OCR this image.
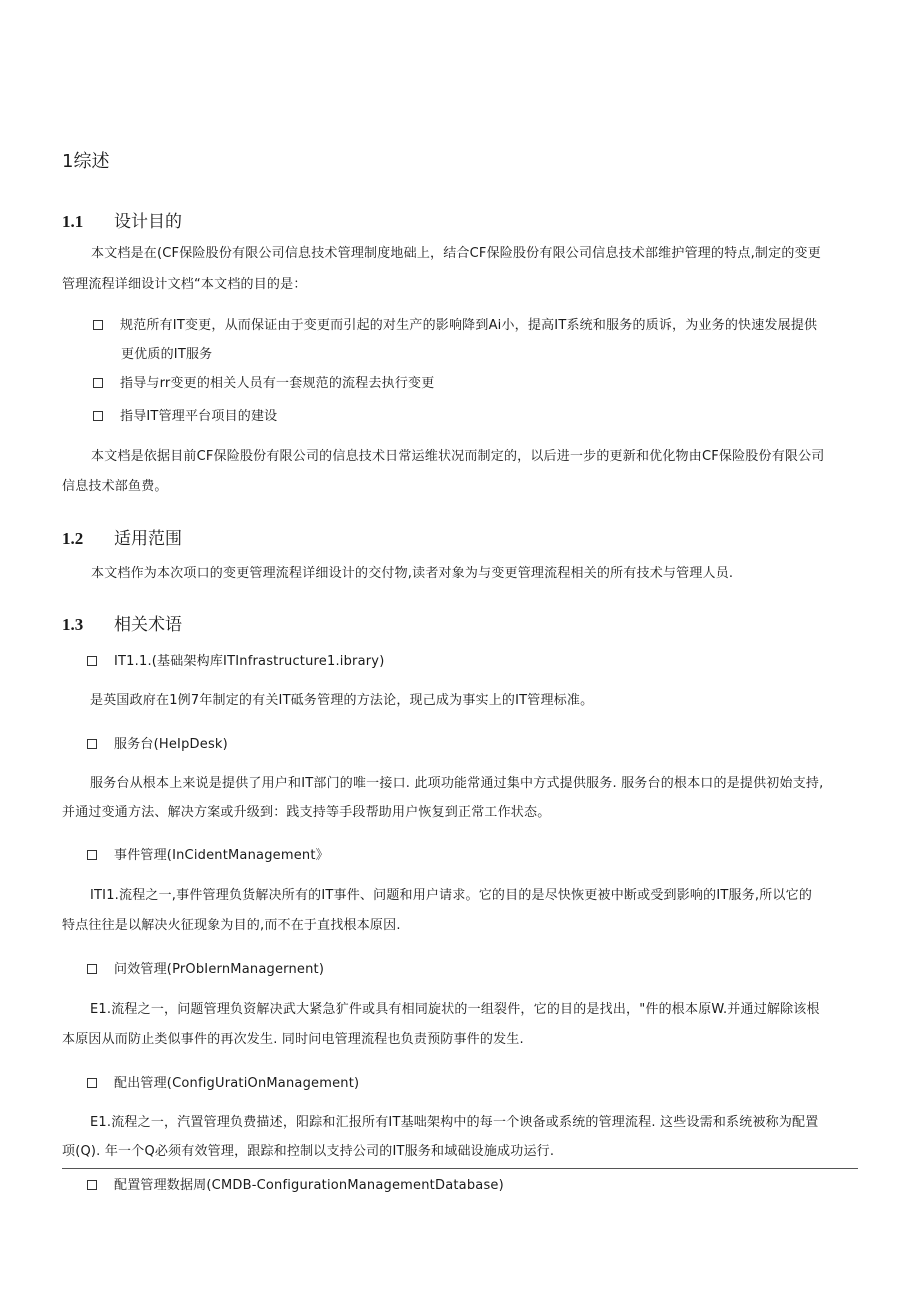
1综述
1.1 设计目的
本文档是在(CF保险股份有限公司信息技术管理制度地础上，结合CF保险股份有限公司信息技术部维护管理的特点,制定的变更
管理流程详细设计文档“本文档的目的是：
规范所有IT变更，从而保证由于变更而引起的对生产的影响降到Ai小，提高IT系统和服务的质诉，为业务的快速发展提供
更优质的IT服务
指导与rr变更的相关人员有一套规范的流程去执行变更
指导IT管理平台项目的建设
本文档是依据目前CF保险股份有限公司的信息技术日常运维状况而制定的，以后进一步的更新和优化物由CF保险股份有限公司
信息技术部鱼费。
1.2 适用范围
本文档作为本次项口的变更管理流程详细设计的交付物,读者对象为与变更管理流程相关的所有技术与管理人员.
1.3 相关术语
IT1.1.(基础架构库ITInfrastructure1.ibrary)
是英国政府在1例7年制定的有关IT砥务管理的方法论，现己成为事实上的IT管理标准。
服务台(HeIpDesk)
服务台从根本上来说是提供了用户和IT部门的唯一接口. 此项功能常通过集中方式提供服务. 服务台的根本口的是提供初始支持,
并通过变通方法、解决方案或升级到：践支持等手段帮助用户恢复到正常工作状态。
事件管理(InCidentManagement》
ITI1.流程之一,事件管理负货解决所有的IT事件、问题和用户请求。它的目的是尽快恢更被中断或受到影响的IT服务,所以它的
特点往往是以解决火征现象为目的,而不在于直找根本原因.
问效管理(PrObIernManagernent)
E1.流程之一，问题管理负资解决武大紧急犷件或具有相同旋状的一组裂件，它的目的是找出，"件的根本原W.并通过解除该根
本原因从而防止类似事件的再次发生. 同时问电管理流程也负责预防事件的发生.
配出管理(ConfigUratiOnManagement)
E1.流程之一，汽置管理负费描述，阳踪和汇报所有IT基咄架构中的每一个谀备或系统的管理流程. 这些设需和系统被称为配置
项(Q). 年一个Q必须有效管理，跟踪和控制以支持公司的IT服务和域础设施成功运行.
配置管理数据周(CMDB-ConfigurationManagementDatabase)
